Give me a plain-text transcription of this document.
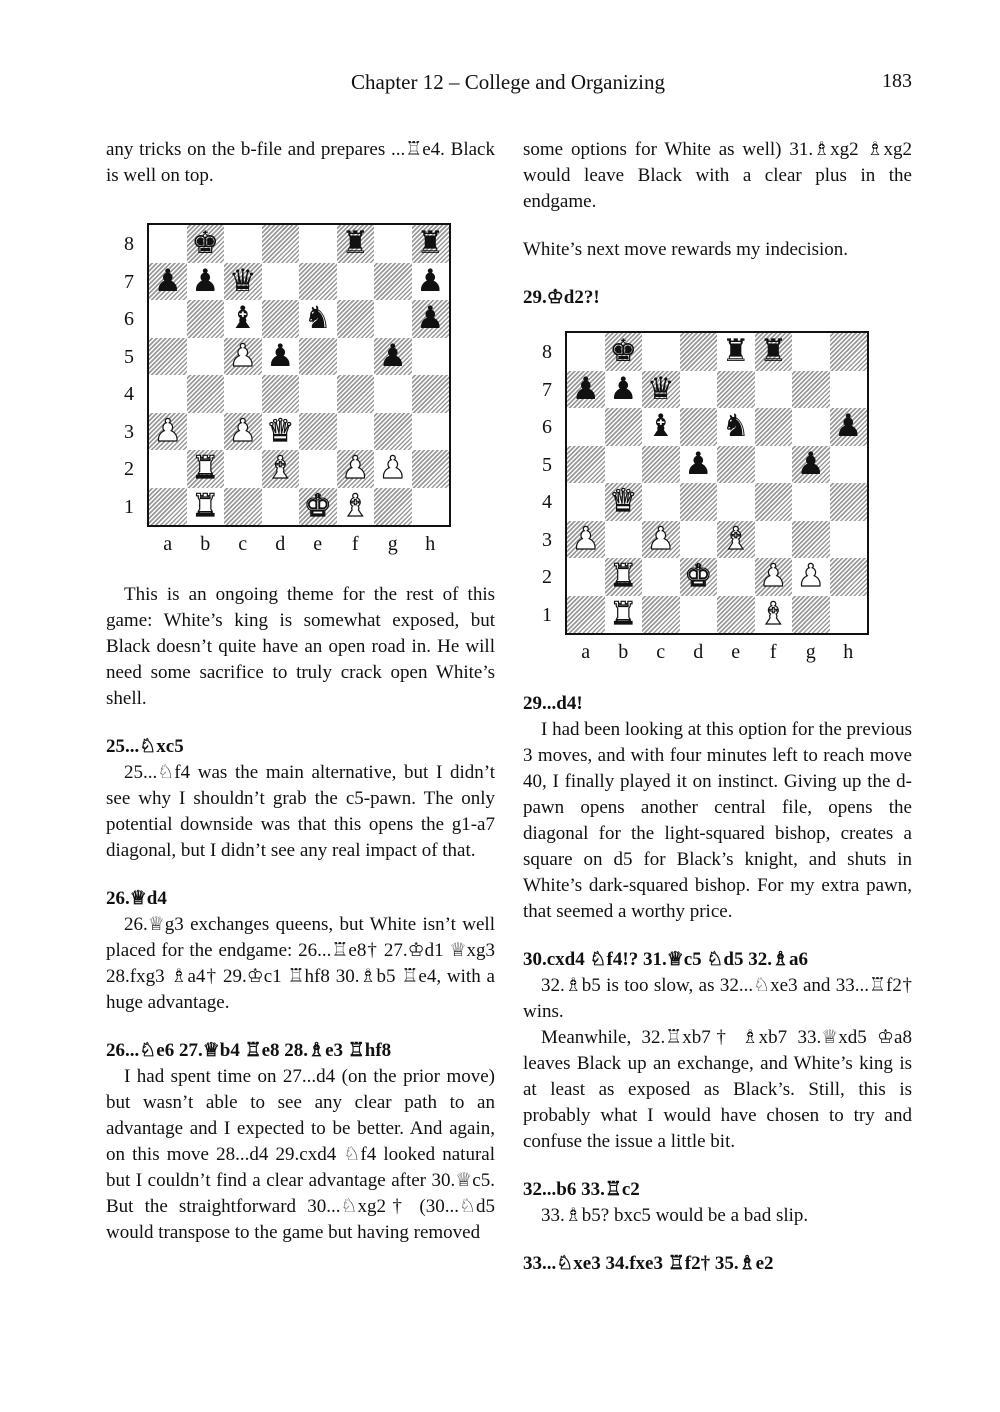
Chapter 12 – College and Organizing	183

any tricks on the b-file and prepares ...♖e4. Black is well on top.

♚	♜ ♜
♟ ♟ ♛	♟
♝ ♞	♟
♟ ♟	♟
♟ ♟ ♛
♜ ♝ ♟ ♟
♜	♚ ♝
8
7
6
5
4
3
2
1
a	b	c	d	e	f	g	h

This is an ongoing theme for the rest of this game: White’s king is somewhat exposed, but Black doesn’t quite have an open road in. He will need some sacrifice to truly crack open White’s shell.

25...♘xc5

25...♘f4 was the main alternative, but I didn’t see why I shouldn’t grab the c5-pawn. The only potential downside was that this opens the g1-a7 diagonal, but I didn’t see any real impact of that.

26.♕d4

26.♕g3 exchanges queens, but White isn’t well placed for the endgame: 26...♖e8† 27.♔d1 ♕xg3 28.fxg3 ♗a4† 29.♔c1 ♖hf8 30.♗b5 ♖e4, with a huge advantage.

26...♘e6 27.♕b4 ♖e8 28.♗e3 ♖hf8

I had spent time on 27...d4 (on the prior move) but wasn’t able to see any clear path to an advantage and I expected to be better. And again, on this move 28...d4 29.cxd4 ♘f4 looked natural but I couldn’t find a clear advantage after 30.♕c5. But the straightforward 30...♘xg2† (30...♘d5 would transpose to the game but having removed

some options for White as well) 31.♗xg2 ♗xg2 would leave Black with a clear plus in the endgame.

White’s next move rewards my indecision.

29.♔d2?!
♚	♜ ♜
♟ ♟ ♛
♝ ♞	♟
♟	♟
♛
♟ ♟ ♝
♜ ♚ ♟ ♟
♜	♝
8
7
6
5
4
3
2
1
a	b	c	d	e	f	g	h
29...d4!

I had been looking at this option for the previous 3 moves, and with four minutes left to reach move 40, I finally played it on instinct. Giving up the d-pawn opens another central file, opens the diagonal for the light-squared bishop, creates a square on d5 for Black’s knight, and shuts in White’s dark-squared bishop. For my extra pawn, that seemed a worthy price.

30.cxd4 ♘f4!? 31.♕c5 ♘d5 32.♗a6

32.♗b5 is too slow, as 32...♘xe3 and 33...♖f2† wins.

Meanwhile, 32.♖xb7† ♗xb7 33.♕xd5 ♔a8 leaves Black up an exchange, and White’s king is at least as exposed as Black’s. Still, this is probably what I would have chosen to try and confuse the issue a little bit.

32...b6 33.♖c2

33.♗b5? bxc5 would be a bad slip.

33...♘xe3 34.fxe3 ♖f2† 35.♗e2
